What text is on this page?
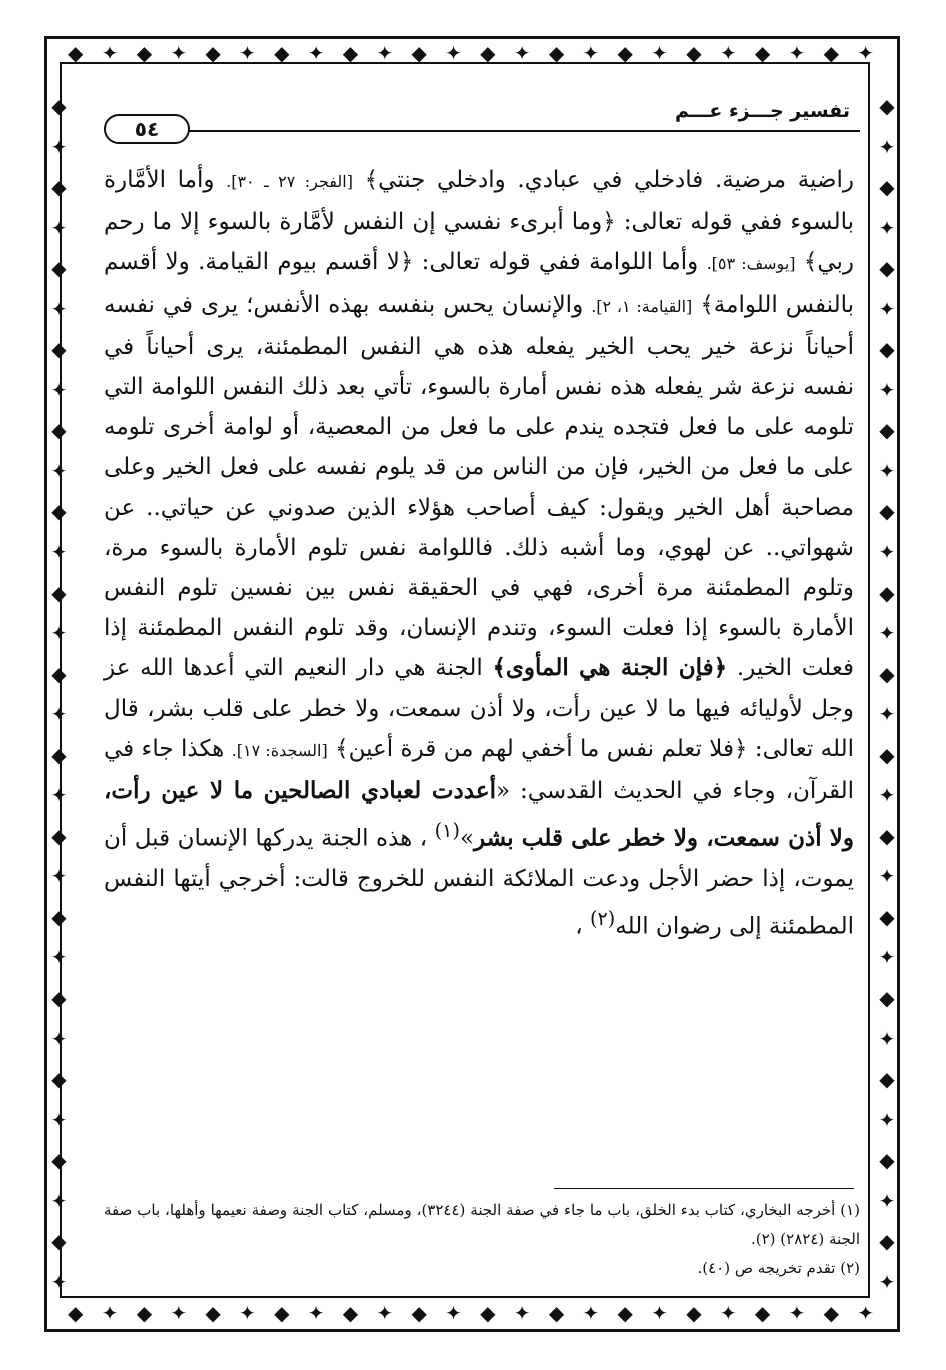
◆ ✦ ◆ ✦ ◆ ✦ ◆ ✦ ◆ ✦ ◆ ✦ ◆ ✦ ◆ ✦ ◆ ✦ ◆ ✦ ◆ ✦ ◆ ✦
◆ ✦ ◆ ✦ ◆ ✦ ◆ ✦ ◆ ✦ ◆ ✦ ◆ ✦ ◆ ✦ ◆ ✦ ◆ ✦ ◆ ✦ ◆ ✦
◆
✦
◆
✦
◆
✦
◆
✦
◆
✦
◆
✦
◆
✦
◆
✦
◆
✦
◆
✦
◆
✦
◆
✦
◆
✦
◆
✦
◆
✦
◆
✦
◆
✦
◆
✦
◆
✦
◆
✦
◆
✦
◆
✦
◆
✦
◆
✦
◆
✦
◆
✦
◆
✦
◆
✦
◆
✦
◆
✦
تفسير جـــزء عـــم
٥٤
راضية مرضية. فادخلي في عبادي. وادخلي جنتي﴾ [الفجر: ٢٧ ـ ٣٠]. وأما الأمَّارة بالسوء ففي قوله تعالى: ﴿وما أبرىء نفسي إن النفس لأمَّارة بالسوء إلا ما رحم ربي﴾ [يوسف: ٥٣]. وأما اللوامة ففي قوله تعالى: ﴿لا أقسم بيوم القيامة. ولا أقسم بالنفس اللوامة﴾ [القيامة: ١، ٢]. والإنسان يحس بنفسه بهذه الأنفس؛ يرى في نفسه أحياناً نزعة خير يحب الخير يفعله هذه هي النفس المطمئنة، يرى أحياناً في نفسه نزعة شر يفعله هذه نفس أمارة بالسوء، تأتي بعد ذلك النفس اللوامة التي تلومه على ما فعل فتجده يندم على ما فعل من المعصية، أو لوامة أخرى تلومه على ما فعل من الخير، فإن من الناس من قد يلوم نفسه على فعل الخير وعلى مصاحبة أهل الخير ويقول: كيف أصاحب هؤلاء الذين صدوني عن حياتي.. عن شهواتي.. عن لهوي، وما أشبه ذلك. فاللوامة نفس تلوم الأمارة بالسوء مرة، وتلوم المطمئنة مرة أخرى، فهي في الحقيقة نفس بين نفسين تلوم النفس الأمارة بالسوء إذا فعلت السوء، وتندم الإنسان، وقد تلوم النفس المطمئنة إذا فعلت الخير. ﴿فإن الجنة هي المأوى﴾ الجنة هي دار النعيم التي أعدها الله عز وجل لأوليائه فيها ما لا عين رأت، ولا أذن سمعت، ولا خطر على قلب بشر، قال الله تعالى: ﴿فلا تعلم نفس ما أخفي لهم من قرة أعين﴾ [السجدة: ١٧]. هكذا جاء في القرآن، وجاء في الحديث القدسي: «أعددت لعبادي الصالحين ما لا عين رأت، ولا أذن سمعت، ولا خطر على قلب بشر»$^{(١)}$ ، هذه الجنة يدركها الإنسان قبل أن يموت، إذا حضر الأجل ودعت الملائكة النفس للخروج قالت: أخرجي أيتها النفس المطمئنة إلى رضوان الله$^{(٢)}$ ،

(١) أخرجه البخاري، كتاب بدء الخلق، باب ما جاء في صفة الجنة (٣٢٤٤)، ومسلم، كتاب الجنة وصفة نعيمها وأهلها، باب صفة الجنة (٢٨٢٤) (٢).

(٢) تقدم تخريجه ص (٤٠).
